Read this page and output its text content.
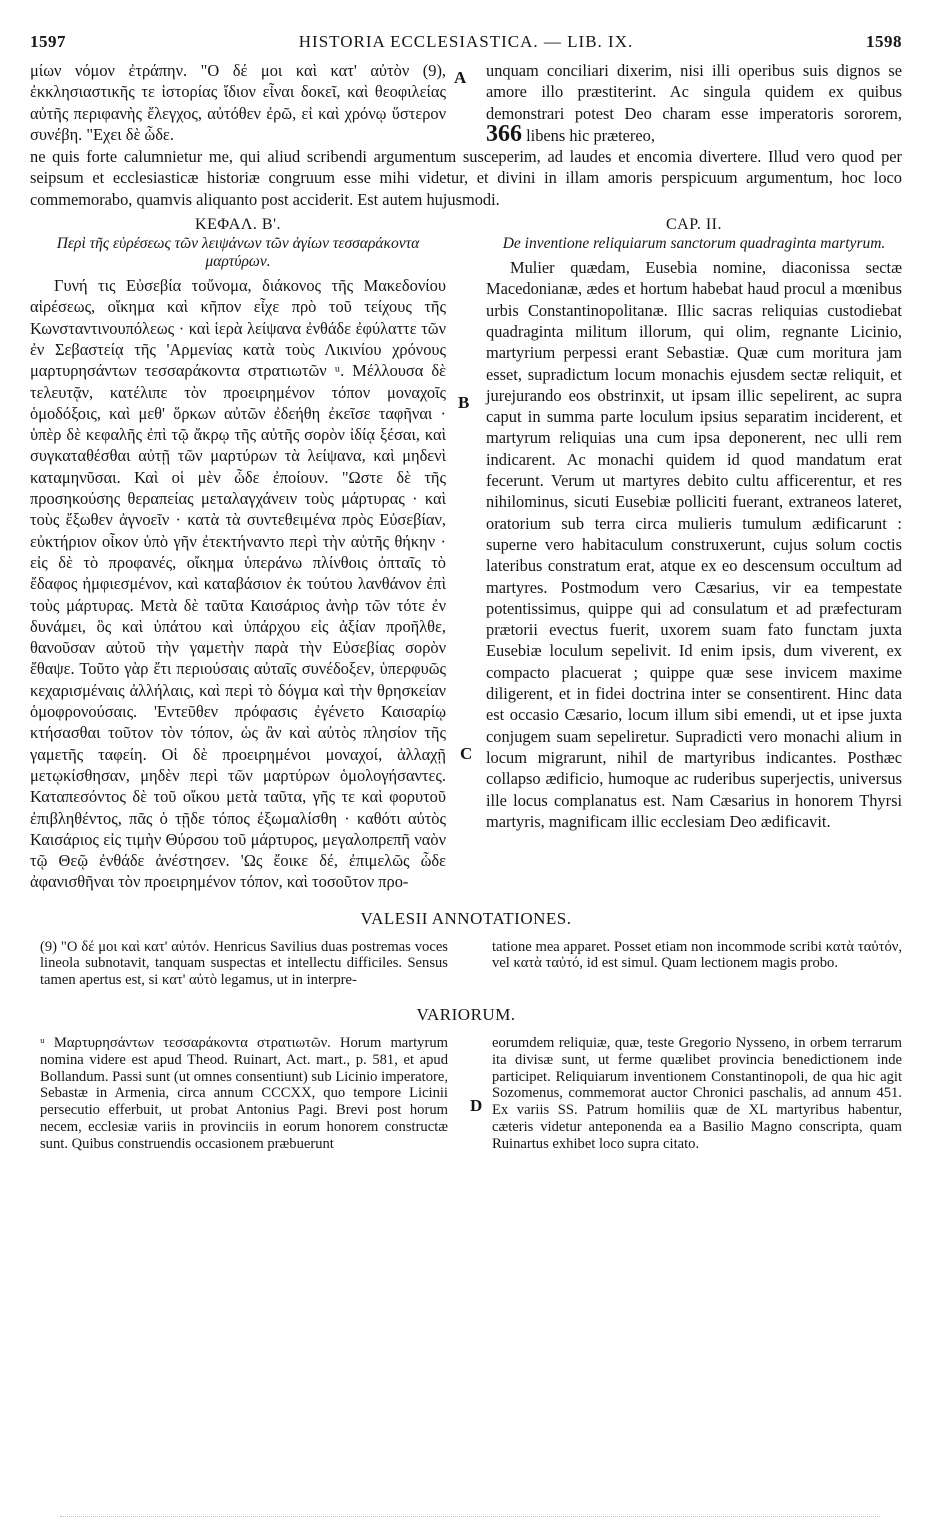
1597	HISTORIA ECCLESIASTICA. — LIB. IX.	1598

μίων νόμον ἐτράπην. "Ο δέ μοι καὶ κατ' αὐτὸν (9), ἐκκλησιαστικῆς τε ἱστορίας ἴδιον εἶναι δοκεῖ, καὶ θεοφιλείας αὐτῆς περιφανὴς ἔλεγχος, αὐτόθεν ἐρῶ, εἰ καὶ χρόνῳ ὕστερον συνέβη. "Εχει δὲ ὧδε.

unquam conciliari dixerim, nisi illi operibus suis dignos se amore illo præstiterint. Ac singula quidem ex quibus demonstrari potest Deo charam esse imperatoris sororem, 366 libens hic prætereo,

ne quis forte calumnietur me, qui aliud scribendi argumentum susceperim, ad laudes et encomia divertere. Illud vero quod per seipsum et ecclesiasticæ historiæ congruum esse mihi videtur, et divini in illam amoris perspicuum argumentum, hoc loco commemorabo, quamvis aliquanto post acciderit. Est autem hujusmodi.

ΚΕΦΑΛ. Β'.
Περὶ τῆς εὑρέσεως τῶν λειψάνων τῶν ἁγίων τεσσαράκοντα μαρτύρων.

Γυνή τις Εὐσεβία τοὔνομα, διάκονος τῆς Μακεδονίου αἱρέσεως, οἴκημα καὶ κῆπον εἶχε πρὸ τοῦ τείχους τῆς Κωνσταντινουπόλεως · καὶ ἱερὰ λείψανα ἐνθάδε ἐφύλαττε τῶν ἐν Σεβαστείᾳ τῆς 'Αρμενίας κατὰ τοὺς Λικινίου χρόνους μαρτυρησάντων τεσσαράκοντα στρατιωτῶν ᵘ. Μέλλουσα δὲ τελευτᾷν, κατέλιπε τὸν προειρημένον τόπον μοναχοῖς ὁμοδόξοις, καὶ μεθ' ὅρκων αὐτῶν ἐδεήθη ἐκεῖσε ταφῆναι · ὑπὲρ δὲ κεφαλῆς ἐπὶ τῷ ἄκρῳ τῆς αὐτῆς σορὸν ἰδίᾳ ξέσαι, καὶ συγκαταθέσθαι αὐτῇ τῶν μαρτύρων τὰ λείψανα, καὶ μηδενὶ καταμηνῦσαι. Καὶ οἱ μὲν ὧδε ἐποίουν. "Ωστε δὲ τῆς προσηκούσης θεραπείας μεταλαγχάνειν τοὺς μάρτυρας · καὶ τοὺς ἔξωθεν ἀγνοεῖν · κατὰ τὰ συντεθειμένα πρὸς Εὐσεβίαν, εὐκτήριον οἶκον ὑπὸ γῆν ἐτεκτήναντο περὶ τὴν αὐτῆς θήκην · εἰς δὲ τὸ προφανές, οἴκημα ὑπεράνω πλίνθοις ὀπταῖς τὸ ἔδαφος ἠμφιεσμένον, καὶ καταβάσιον ἐκ τούτου λανθάνον ἐπὶ τοὺς μάρτυρας. Μετὰ δὲ ταῦτα Καισάριος ἀνὴρ τῶν τότε ἐν δυνάμει, ὃς καὶ ὑπάτου καὶ ὑπάρχου εἰς ἀξίαν προῆλθε, θανοῦσαν αὐτοῦ τὴν γαμετὴν παρὰ τὴν Εὐσεβίας σορὸν ἔθαψε. Τοῦτο γὰρ ἔτι περιούσαις αὐταῖς συνέδοξεν, ὑπερφυῶς κεχαρισμέναις ἀλλήλαις, καὶ περὶ τὸ δόγμα καὶ τὴν θρησκείαν ὁμοφρονούσαις. 'Εντεῦθεν πρόφασις ἐγένετο Καισαρίῳ κτήσασθαι τοῦτον τὸν τόπον, ὡς ἂν καὶ αὐτὸς πλησίον τῆς γαμετῆς ταφείη. Οἱ δὲ προειρημένοι μοναχοί, ἀλλαχῇ μετῳκίσθησαν, μηδὲν περὶ τῶν μαρτύρων ὁμολογήσαντες. Καταπεσόντος δὲ τοῦ οἴκου μετὰ ταῦτα, γῆς τε καὶ φορυτοῦ ἐπιβληθέντος, πᾶς ὁ τῇδε τόπος ἐξωμαλίσθη · καθότι αὐτὸς Καισάριος εἰς τιμὴν Θύρσου τοῦ μάρτυρος, μεγαλοπρεπῆ ναὸν τῷ Θεῷ ἐνθάδε ἀνέστησεν. 'Ως ἔοικε δέ, ἐπιμελῶς ὧδε ἀφανισθῆναι τὸν προειρημένον τόπον, καὶ τοσοῦτον προ-

CAP. II.
De inventione reliquiarum sanctorum quadraginta martyrum.

Mulier quædam, Eusebia nomine, diaconissa sectæ Macedonianæ, ædes et hortum habebat haud procul a mœnibus urbis Constantinopolitanæ. Illic sacras reliquias custodiebat quadraginta militum illorum, qui olim, regnante Licinio, martyrium perpessi erant Sebastiæ. Quæ cum moritura jam esset, supradictum locum monachis ejusdem sectæ reliquit, et jurejurando eos obstrinxit, ut ipsam illic sepelirent, ac supra caput in summa parte loculum ipsius separatim inciderent, et martyrum reliquias una cum ipsa deponerent, nec ulli rem indicarent. Ac monachi quidem id quod mandatum erat fecerunt. Verum ut martyres debito cultu afficerentur, et res nihilominus, sicuti Eusebiæ polliciti fuerant, extraneos lateret, oratorium sub terra circa mulieris tumulum ædificarunt : superne vero habitaculum construxerunt, cujus solum coctis lateribus constratum erat, atque ex eo descensum occultum ad martyres. Postmodum vero Cæsarius, vir ea tempestate potentissimus, quippe qui ad consulatum et ad præfecturam prætorii evectus fuerit, uxorem suam fato functam juxta Eusebiæ loculum sepelivit. Id enim ipsis, dum viverent, ex compacto placuerat ; quippe quæ sese invicem maxime diligerent, et in fidei doctrina inter se consentirent. Hinc data est occasio Cæsario, locum illum sibi emendi, ut et ipse juxta conjugem suam sepeliretur. Supradicti vero monachi alium in locum migrarunt, nihil de martyribus indicantes. Posthæc collapso ædificio, humoque ac ruderibus superjectis, universus ille locus complanatus est. Nam Cæsarius in honorem Thyrsi martyris, magnificam illic ecclesiam Deo ædificavit.

VALESII ANNOTATIONES.

(9) "Ο δέ μοι καὶ κατ' αὐτόν. Henricus Savilius duas postremas voces lineola subnotavit, tanquam suspectas et intellectu difficiles. Sensus tamen apertus est, si κατ' αὐτὸ legamus, ut in interpre-

tatione mea apparet. Posset etiam non incommode scribi κατὰ ταὐτόν, vel κατὰ ταὐτό, id est simul. Quam lectionem magis probo.

VARIORUM.

ᵘ Μαρτυρησάντων τεσσαράκοντα στρατιωτῶν. Horum martyrum nomina videre est apud Theod. Ruinart, Act. mart., p. 581, et apud Bollandum. Passi sunt (ut omnes consentiunt) sub Licinio imperatore, Sebastæ in Armenia, circa annum CCCXX, quo tempore Licinii persecutio efferbuit, ut probat Antonius Pagi. Brevi post horum necem, ecclesiæ variis in provinciis in eorum honorem constructæ sunt. Quibus construendis occasionem præbuerunt

eorumdem reliquiæ, quæ, teste Gregorio Nysseno, in orbem terrarum ita divisæ sunt, ut ferme quælibet provincia benedictionem inde participet. Reliquiarum inventionem Constantinopoli, de qua hic agit Sozomenus, commemorat auctor Chronici paschalis, ad annum 451. Ex variis SS. Patrum homiliis quæ de XL martyribus habentur, cæteris videtur anteponenda ea a Basilio Magno conscripta, quam Ruinartus exhibet loco supra citato.

A
B
C
D
